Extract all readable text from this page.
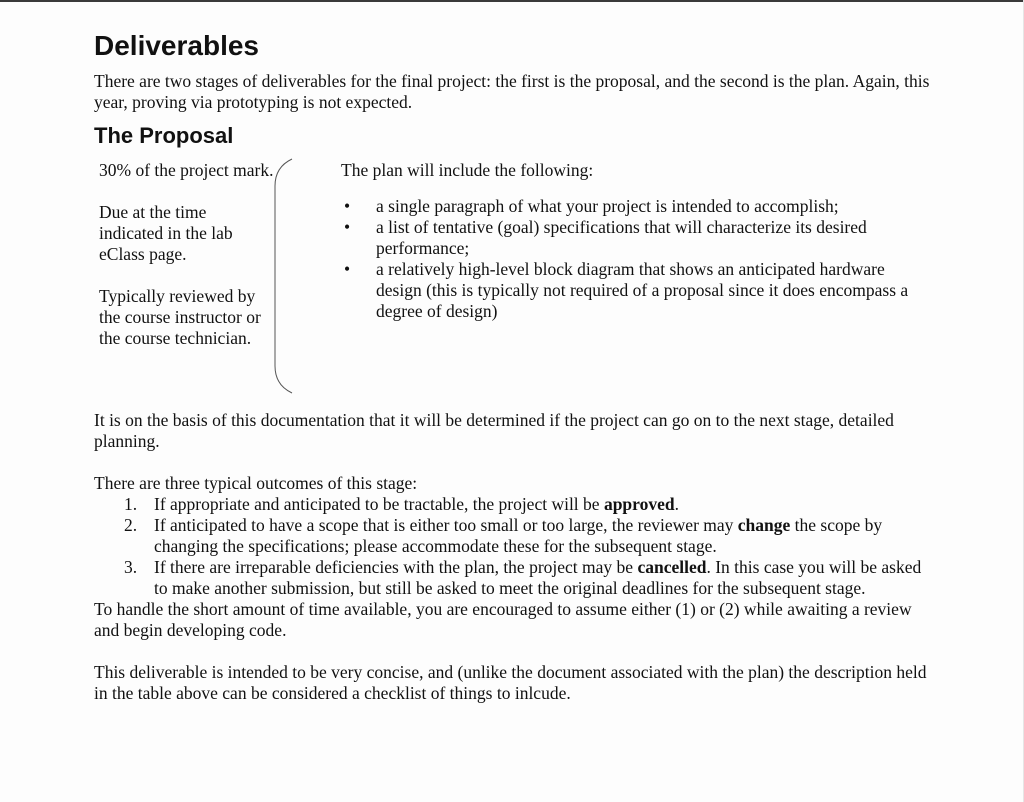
Deliverables

There are two stages of deliverables for the final project: the first is the proposal, and the second is the plan. Again, this year, proving via prototyping is not expected.

The Proposal

30% of the project mark.

Due at the time indicated in the lab eClass page.

Typically reviewed by the course instructor or the course technician.

The plan will include the following:

• a single paragraph of what your project is intended to accomplish;
• a list of tentative (goal) specifications that will characterize its desired performance;
• a relatively high-level block diagram that shows an anticipated hardware design (this is typically not required of a proposal since it does encompass a degree of design)

It is on the basis of this documentation that it will be determined if the project can go on to the next stage, detailed planning.

There are three typical outcomes of this stage:

1. If appropriate and anticipated to be tractable, the project will be approved.
2. If anticipated to have a scope that is either too small or too large, the reviewer may change the scope by changing the specifications; please accommodate these for the subsequent stage.
3. If there are irreparable deficiencies with the plan, the project may be cancelled. In this case you will be asked to make another submission, but still be asked to meet the original deadlines for the subsequent stage.

To handle the short amount of time available, you are encouraged to assume either (1) or (2) while awaiting a review and begin developing code.

This deliverable is intended to be very concise, and (unlike the document associated with the plan) the description held in the table above can be considered a checklist of things to inlcude.
